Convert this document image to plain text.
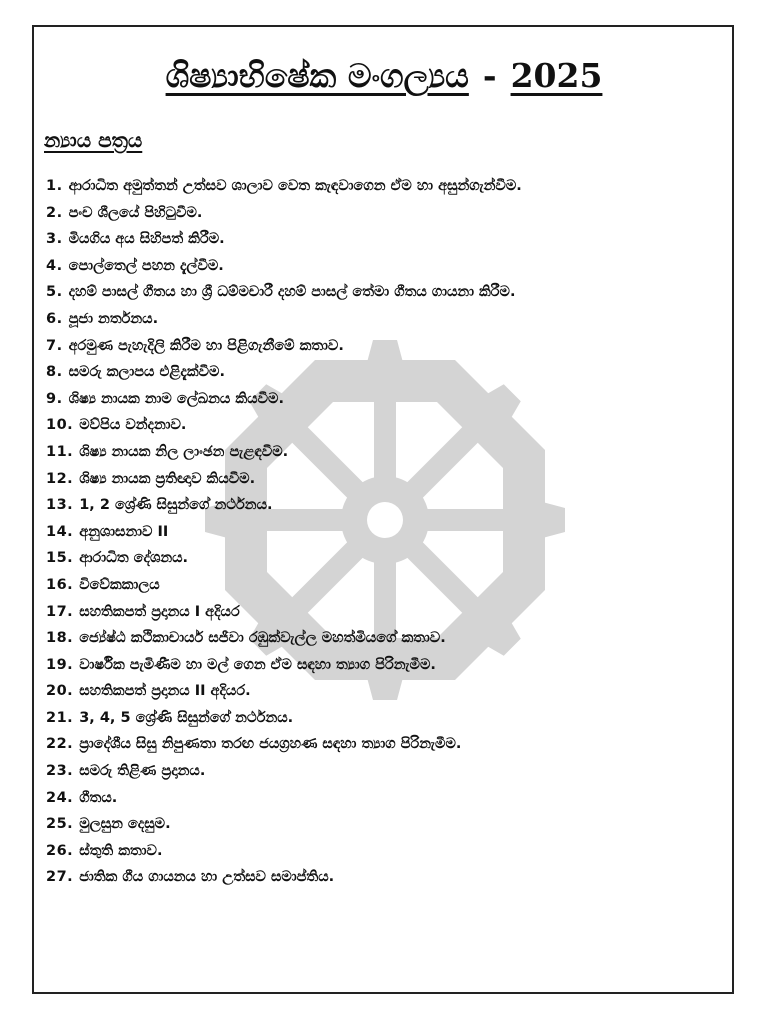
ශිෂ්‍යාභිෂේක මංගල්‍යය - 2025
න්‍යාය පත්‍රය
1. ආරාධිත අමුත්තන් උත්සව ශාලාව වෙත කැඳවාගෙන ඒම හා අසුන්ගැන්වීම.
2. පංච ශීලයේ පිහිටුවීම.
3. මියගිය අය සිහිපත් කිරීම.
4. පොල්තෙල් පහන දැල්වීම.
5. දහම් පාසල් ගීතය හා ශ්‍රී ධම්මචාරී දහම් පාසල් තේමා ගීතය ගායනා කිරීම.
6. පූජා නර්තනය.
7. අරමුණ පැහැදිලි කිරීම හා පිළිගැනීමේ කතාව.
8. සමරු කලාපය එළිදැක්වීම.
9. ශිෂ්‍ය නායක නාම ලේඛනය කියවීම.
10. මව්පිය වන්දනාව.
11. ශිෂ්‍ය නායක නිල ලාංඡන පැළඳවීම.
12. ශිෂ්‍ය නායක ප්‍රතිඥාව කියවීම.
13. 1, 2 ශ්‍රේණි සිසුන්ගේ නර්ථනය.
14. අනුශාසනාව II
15. ආරාධිත දේශනය.
16. විවේකකාලය
17. සහතිකපත් ප්‍රදානය I අදියර
18. ජ්‍යේෂ්ඨ කථිකාචාර්ය සජීවා රඹුක්වැල්ල මහත්මියගේ කතාව.
19. වාර්ෂික පැමිණීම හා මල් ගෙන ඒම සඳහා ත්‍යාග පිරිනැමීම.
20. සහතිකපත් ප්‍රදානය II අදියර.
21. 3, 4, 5 ශ්‍රේණි සිසුන්ගේ නර්ථනය.
22. ප්‍රාදේශීය සිසු නිපුණතා තරඟ ජයග්‍රහණ සඳහා ත්‍යාග පිරිනැමීම.
23. සමරු තිළිණ ප්‍රදානය.
24. ගීතය.
25. මුලසුන දෙසුම.
26. ස්තුති කතාව.
27. ජාතික ගීය ගායනය හා උත්සව සමාප්තිය.
